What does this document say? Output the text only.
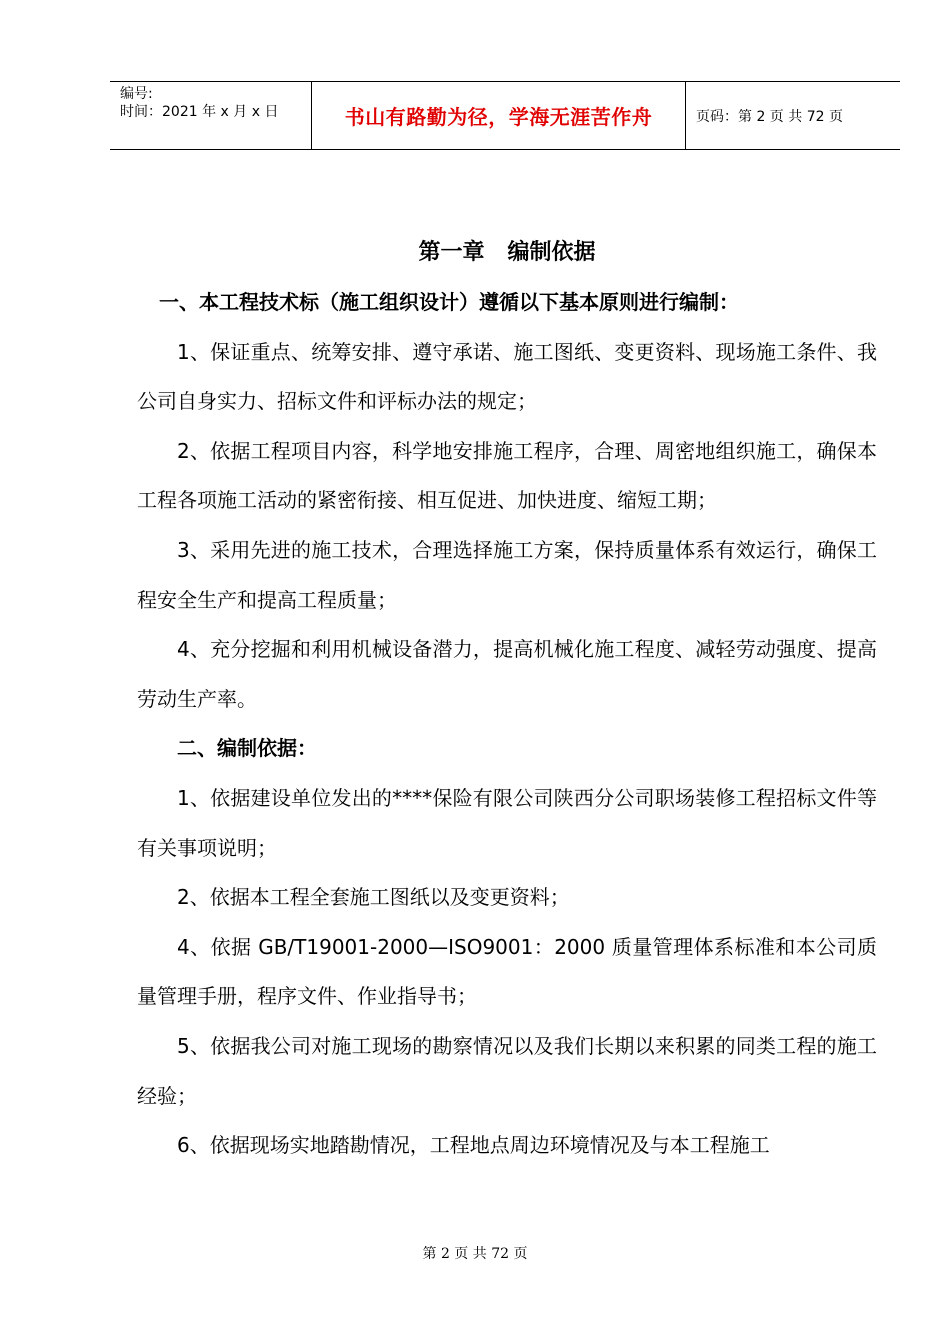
编号:
时间：2021 年 x 月 x 日	书山有路勤为径，学海无涯苦作舟	页码：第 2 页 共 72 页
第一章   编制依据

一、本工程技术标（施工组织设计）遵循以下基本原则进行编制：

1、保证重点、统筹安排、遵守承诺、施工图纸、变更资料、现场施工条件、我公司自身实力、招标文件和评标办法的规定；

2、依据工程项目内容，科学地安排施工程序，合理、周密地组织施工，确保本工程各项施工活动的紧密衔接、相互促进、加快进度、缩短工期；

3、采用先进的施工技术，合理选择施工方案，保持质量体系有效运行，确保工程安全生产和提高工程质量；

4、充分挖掘和利用机械设备潜力，提高机械化施工程度、减轻劳动强度、提高劳动生产率。

二、编制依据：

1、依据建设单位发出的****保险有限公司陕西分公司职场装修工程招标文件等有关事项说明；

2、依据本工程全套施工图纸以及变更资料；

4、依据 GB/T19001-2000—ISO9001：2000 质量管理体系标准和本公司质量管理手册，程序文件、作业指导书；

5、依据我公司对施工现场的勘察情况以及我们长期以来积累的同类工程的施工经验；

6、依据现场实地踏勘情况，工程地点周边环境情况及与本工程施工

第 2 页 共 72 页
